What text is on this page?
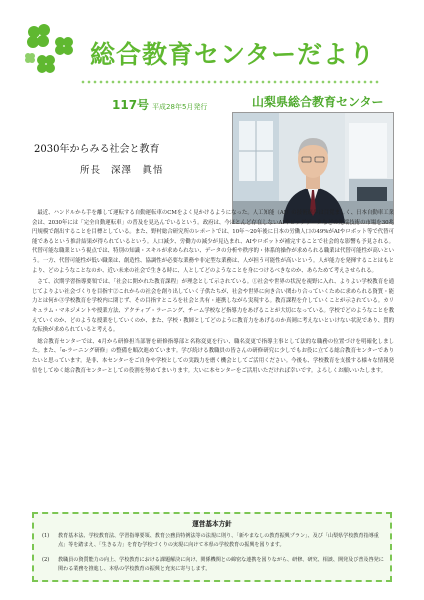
総合教育センターだより
117号 平成28年5月発行	山梨県総合教育センター
2030年からみる社会と教育
所長 深澤　眞悟

最近、ハンドルから手を離して運転する自動運転車のCMをよく見かけるようになった。人工知能（AI）の技術進歩は目覚ましく、日本自動車工業会は、2030年には「完全自動運転車」の普及を見込んでいるという。政府は、今ほとんど存在しないAIやビッグデータなどの先端技術の市場を30兆円規模で創出することを目標としている。また、野村総合研究所のレポートでは、10年～20年後に日本の労働人口の49%がAIやロボット等で代替可能であるという推計結果が得られているという。人口減少、労働力の減少が見込まれ、AIやロボットが補完することで社会的な影響も予見される。代替可能な職業という視点では、特別の知識・スキルが求められない、データの分析や秩序的・体系的操作が求められる職業は代替可能性が高いという。一方、代替可能性が低い職業は、創造性、協調性が必要な業務や非定型な業務は、人が担う可能性が高いという。人が能力を発揮することはもとより、どのようなことなのか、近い未来の社会で生きる時に、人としてどのようなことを身につけるべきなのか、あらためて考えさせられる。

さて、次期学習指導要領では、「社会に開かれた教育課程」が理念として示されている。①社会や世界の状況を視野に入れ、よりよい学校教育を通じてよりよい社会づくりを目指す②これからの社会を創り出していく子供たちが、社会や世界に向き合い関わり合っていくために求められる資質・能力とは何か③学校教育を学校内に閉じず、その目指すところを社会と共有・連携しながら実現する。教育課程を介していくことが示されている。カリキュラム・マネジメントや授業方法、アクティブ・ラーニング、チーム学校など指導力をあげることが大切になっている。学校でどのようなことを教えていくのか、どのような授業をしていくのか、また、学校・教師としてどのように教育力をあげるのか真剣に考えないといけない状況であり、質的な転換が求められていると考える。

総合教育センターでは、4月から研修担当部署を研修指導部と名称変更を行い、職名変更で指導主事として法的な職務の位置づけを明確化しました。また、「e-ラーニング研修」の整備を順次進めています。学び続ける教職員の皆さんの研修研究に少しでもお役に立てる総合教育センターでありたいと思っています。是非、本センターをご自身や学校としての実践力を磨く機会としてご活用ください。今後も、学校教育を支援する様々な情報発信をしてゆく総合教育センターとしての役割を努めてまいります。大いに本センターをご活用いただければ幸いです。よろしくお願いいたします。

運営基本方針
(1)	教育基本法、学校教育法、学習指導要領、教育公務員特例法等の法規に則り、「新やまなしの教育振興プラン」、及び「山梨県学校教育指導重点」等を踏まえ、「生きる力」を育む学校づくりの実現に向けて本県の学校教育の振興を図ります。
(2)	教職員の資質能力の向上、学校教育における課題解決に向け、関係機関との綿密な連携を図りながら、研修、研究、相談、開発及び普及啓発に関わる業務を推進し、本県の学校教育の振興と充実に寄与します。
